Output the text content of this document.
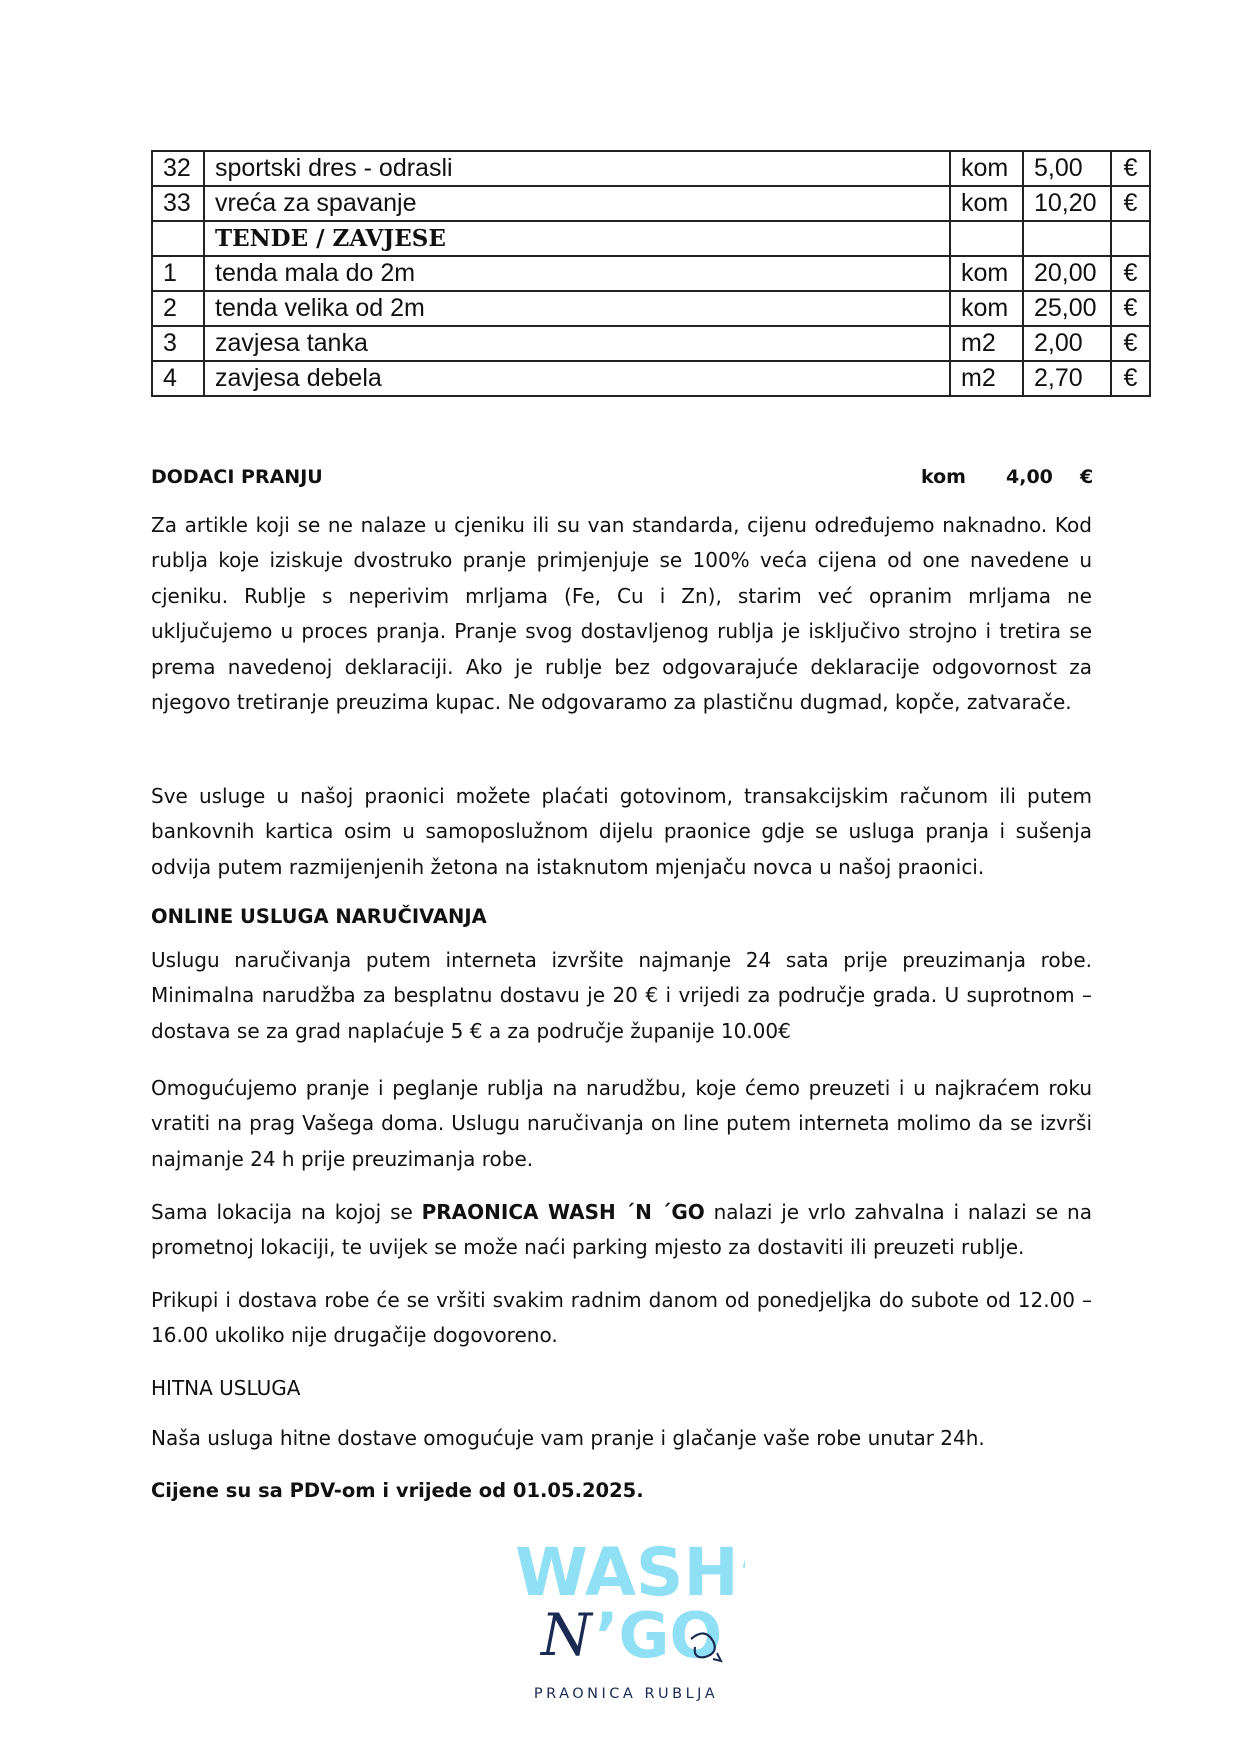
32	sportski dres - odrasli	kom	5,00	€
33	vreća za spavanje	kom	10,20	€
	TENDE / ZAVJESE			
1	tenda mala do 2m	kom	20,00	€
2	tenda velika od 2m	kom	25,00	€
3	zavjesa tanka	m2	2,00	€
4	zavjesa debela	m2	2,70	€
DODACI PRANJU	kom 4,00 €

Za artikle koji se ne nalaze u cjeniku ili su van standarda, cijenu određujemo naknadno. Kod rublja koje iziskuje dvostruko pranje primjenjuje se 100% veća cijena od one navedene u cjeniku. Rublje s neperivim mrljama (Fe, Cu i Zn), starim već opranim mrljama ne uključujemo u proces pranja. Pranje svog dostavljenog rublja je isključivo strojno i tretira se prema navedenoj deklaraciji. Ako je rublje bez odgovarajuće deklaracije odgovornost za njegovo tretiranje preuzima kupac. Ne odgovaramo za plastičnu dugmad, kopče, zatvarače.

Sve usluge u našoj praonici možete plaćati gotovinom, transakcijskim računom ili putem bankovnih kartica osim u samoposlužnom dijelu praonice gdje se usluga pranja i sušenja odvija putem razmijenjenih žetona na istaknutom mjenjaču novca u našoj praonici.

ONLINE USLUGA NARUČIVANJA

Uslugu naručivanja putem interneta izvršite najmanje 24 sata prije preuzimanja robe. Minimalna narudžba za besplatnu dostavu je 20 € i vrijedi za područje grada. U suprotnom – dostava se za grad naplaćuje 5 € a za područje županije 10.00€

Omogućujemo pranje i peglanje rublja na narudžbu, koje ćemo preuzeti i u najkraćem roku vratiti na prag Vašega doma. Uslugu naručivanja on line putem interneta molimo da se izvrši najmanje 24 h prije preuzimanja robe.

Sama lokacija na kojoj se PRAONICA WASH ´N ´GO nalazi je vrlo zahvalna i nalazi se na prometnoj lokaciji, te uvijek se može naći parking mjesto za dostaviti ili preuzeti rublje.

Prikupi i dostava robe će se vršiti svakim radnim danom od ponedjeljka do subote od 12.00 – 16.00 ukoliko nije drugačije dogovoreno.

HITNA USLUGA

Naša usluga hitne dostave omogućuje vam pranje i glačanje vaše robe unutar 24h.

Cijene su sa PDV-om i vrijede od 01.05.2025.
WASH’
N ’GO
PRAONICA RUBLJA
